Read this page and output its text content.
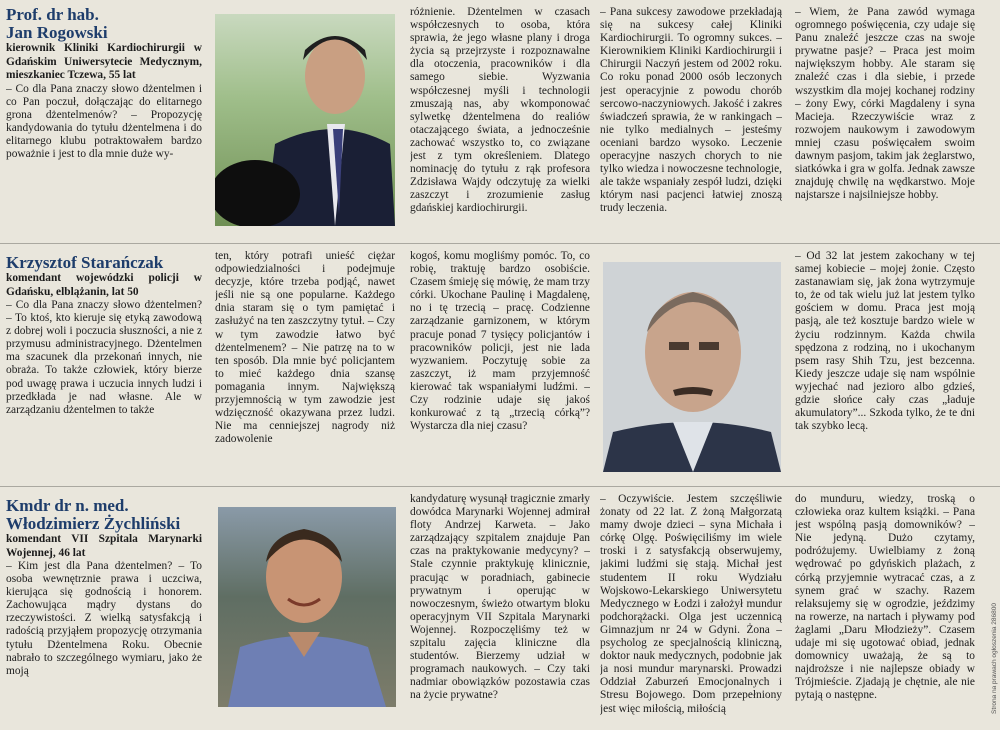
Prof. dr hab.

Jan Rogowski

kierownik Kliniki Kardiochirurgii w Gdańskim Uniwersytecie Medycznym, mieszkaniec Tczewa, 55 lat

– Co dla Pana znaczy słowo dżentelmen i co Pan poczuł, dołączając do elitarnego grona dżentelmenów? – Propozycję kandydowania do tytułu dżentelmena i do elitarnego klubu potraktowałem bardzo poważnie i jest to dla mnie duże wy-

różnienie. Dżentelmen w czasach współczesnych to osoba, która sprawia, że jego własne plany i droga życia są przejrzyste i rozpoznawalne dla otoczenia, pracowników i dla samego siebie. Wyzwania współczesnej myśli i technologii zmuszają nas, aby wkomponować sylwetkę dżentelmena do realiów otaczającego świata, a jednocześnie zachować wszystko to, co związane jest z tym określeniem. Dlatego nominację do tytułu z rąk profesora Zdzisława Wajdy odczytuję za wielki zaszczyt i zrozumienie zasług gdańskiej kardiochirurgii.

– Pana sukcesy zawodowe przekładają się na sukcesy całej Kliniki Kardiochirurgii. To ogromny sukces. – Kierownikiem Kliniki Kardiochirurgii i Chirurgii Naczyń jestem od 2002 roku. Co roku ponad 2000 osób leczonych jest operacyjnie z powodu chorób sercowo-naczyniowych. Jakość i zakres świadczeń sprawia, że w rankingach – nie tylko medialnych – jesteśmy oceniani bardzo wysoko. Leczenie operacyjne naszych chorych to nie tylko wiedza i nowoczesne technologie, ale także wspaniały zespół ludzi, dzięki którym nasi pacjenci łatwiej znoszą trudy leczenia.

– Wiem, że Pana zawód wymaga ogromnego poświęcenia, czy udaje się Panu znaleźć jeszcze czas na swoje prywatne pasje? – Praca jest moim największym hobby. Ale staram się znaleźć czas i dla siebie, i przede wszystkim dla mojej kochanej rodziny – żony Ewy, córki Magdaleny i syna Macieja. Rzeczywiście wraz z rozwojem naukowym i zawodowym mniej czasu poświęcałem swoim dawnym pasjom, takim jak żeglarstwo, siatkówka i gra w golfa. Jednak zawsze znajduję chwilę na wędkarstwo. Moje najstarsze i najsilniejsze hobby.

Krzysztof Starańczak

komendant wojewódzki policji w Gdańsku, elblążanin, lat 50

– Co dla Pana znaczy słowo dżentelmen? – To ktoś, kto kieruje się etyką zawodową z dobrej woli i poczucia słuszności, a nie z przymusu administracyjnego. Dżentelmen ma szacunek dla przekonań innych, nie obraża. To także człowiek, który bierze pod uwagę prawa i uczucia innych ludzi i przedkłada je nad własne. Ale w zarządzaniu dżentelmen to także

ten, który potrafi unieść ciężar odpowiedzialności i podejmuje decyzje, które trzeba podjąć, nawet jeśli nie są one popularne. Każdego dnia staram się o tym pamiętać i zasłużyć na ten zaszczytny tytuł. – Czy w tym zawodzie łatwo być dżentelmenem? – Nie patrzę na to w ten sposób. Dla mnie być policjantem to mieć każdego dnia szansę pomagania innym. Największą przyjemnością w tym zawodzie jest wdzięczność okazywana przez ludzi. Nie ma cenniejszej nagrody niż zadowolenie

kogoś, komu mogliśmy pomóc. To, co robię, traktuję bardzo osobiście. Czasem śmieję się mówię, że mam trzy córki. Ukochane Paulinę i Magdalenę, no i tę trzecią – pracę. Codzienne zarządzanie garnizonem, w którym pracuje ponad 7 tysięcy policjantów i pracowników policji, jest nie lada wyzwaniem. Poczytuję sobie za zaszczyt, iż mam przyjemność kierować tak wspaniałymi ludźmi. – Czy rodzinie udaje się jakoś konkurować z tą „trzecią córką”? Wystarcza dla niej czasu?

– Od 32 lat jestem zakochany w tej samej kobiecie – mojej żonie. Często zastanawiam się, jak żona wytrzymuje to, że od tak wielu już lat jestem tylko gościem w domu. Praca jest moją pasją, ale też kosztuje bardzo wiele w życiu rodzinnym. Każda chwila spędzona z rodziną, no i ukochanym psem rasy Shih Tzu, jest bezcenna. Kiedy jeszcze udaje się nam wspólnie wyjechać nad jezioro albo gdzieś, gdzie słońce cały czas „ładuje akumulatory”... Szkoda tylko, że te dni tak szybko lecą.

Kmdr dr n. med.

Włodzimierz Żychliński

komendant VII Szpitala Marynarki Wojennej, 46 lat

– Kim jest dla Pana dżentelmen? – To osoba wewnętrznie prawa i uczciwa, kierująca się godnością i honorem. Zachowująca mądry dystans do rzeczywistości. Z wielką satysfakcją i radością przyjąłem propozycję otrzymania tytułu Dżentelmena Roku. Obecnie nabrało to szczególnego wymiaru, jako że moją

kandydaturę wysunął tragicznie zmarły dowódca Marynarki Wojennej admirał floty Andrzej Karweta. – Jako zarządzający szpitalem znajduje Pan czas na praktykowanie medycyny? – Stale czynnie praktykuję klinicznie, pracując w poradniach, gabinecie prywatnym i operując w nowoczesnym, świeżo otwartym bloku operacyjnym VII Szpitala Marynarki Wojennej. Rozpoczęliśmy też w szpitalu zajęcia kliniczne dla studentów. Bierzemy udział w programach naukowych. – Czy taki nadmiar obowiązków pozostawia czas na życie prywatne?

– Oczywiście. Jestem szczęśliwie żonaty od 22 lat. Z żoną Małgorzatą mamy dwoje dzieci – syna Michała i córkę Olgę. Poświęciliśmy im wiele troski i z satysfakcją obserwujemy, jakimi ludźmi się stają. Michał jest studentem II roku Wydziału Wojskowo-Lekarskiego Uniwersytetu Medycznego w Łodzi i założył mundur podchorążacki. Olga jest uczennicą Gimnazjum nr 24 w Gdyni. Żona – psycholog ze specjalnością kliniczną, doktor nauk medycznych, podobnie jak ja nosi mundur marynarski. Prowadzi Oddział Zaburzeń Emocjonalnych i Stresu Bojowego. Dom przepełniony jest więc miłością, miłością

do munduru, wiedzy, troską o człowieka oraz kultem książki. – Pana jest wspólną pasją domowników? – Nie jedyną. Dużo czytamy, podróżujemy. Uwielbiamy z żoną wędrować po gdyńskich plażach, z córką przyjemnie wytracać czas, a z synem grać w szachy. Razem relaksujemy się w ogrodzie, jeździmy na rowerze, na nartach i pływamy pod żaglami „Daru Młodzieży”. Czasem udaje mi się ugotować obiad, jednak domownicy uważają, że są to najdroższe i nie najlepsze obiady w Trójmieście. Zjadają je chętnie, ale nie pytają o następne.	Strona na prawach ogłoszenia 286800
